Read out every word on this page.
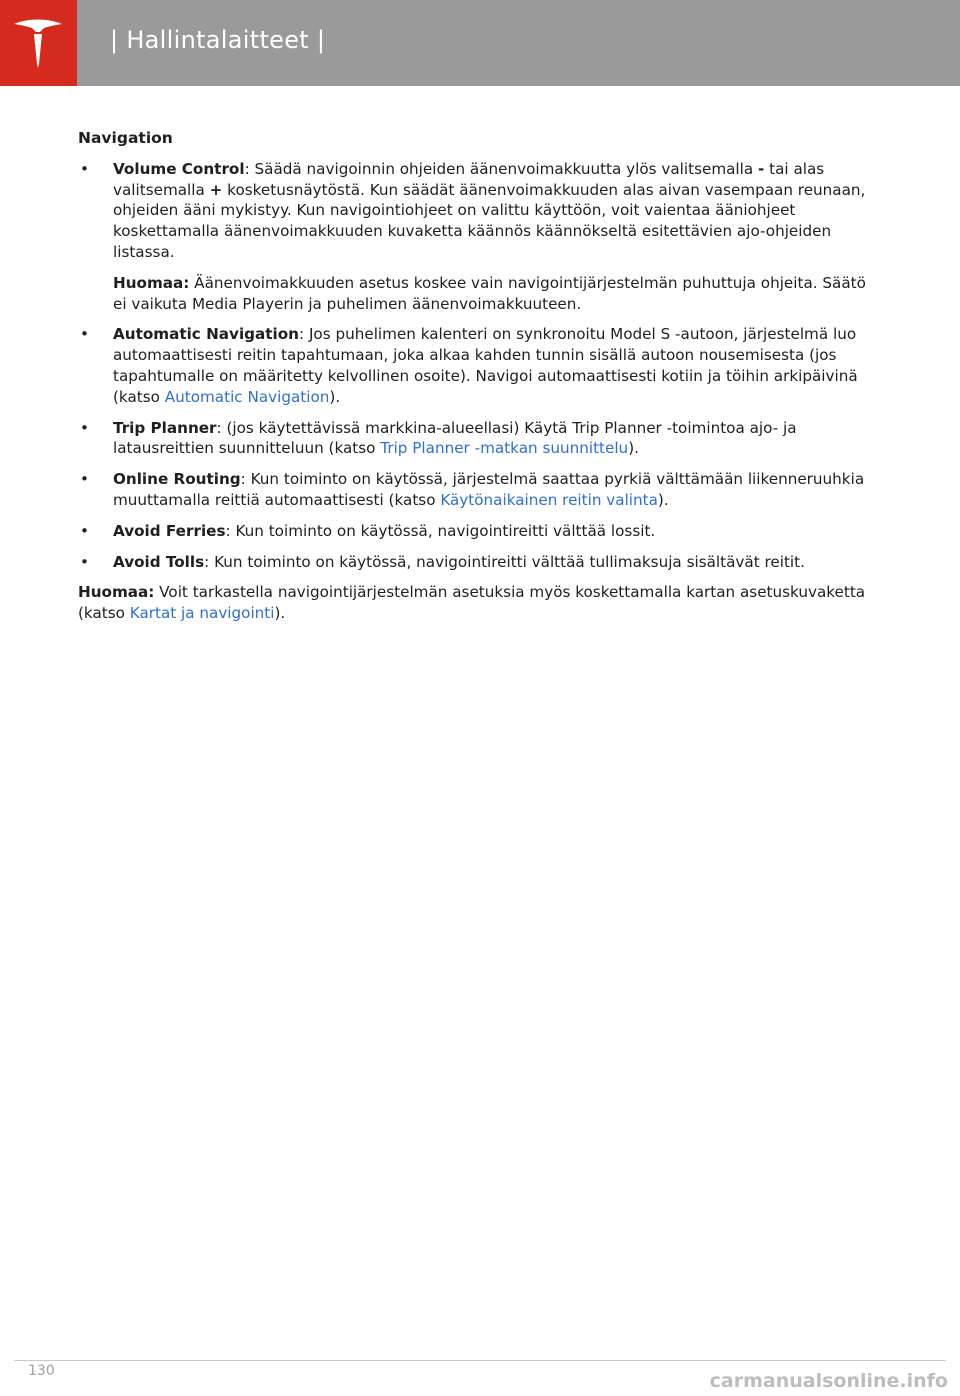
| Hallintalaitteet |
Navigation
• Volume Control: Säädä navigoinnin ohjeiden äänenvoimakkuutta ylös valitsemalla - tai alas valitsemalla + kosketusnäytöstä. Kun säädät äänenvoimakkuuden alas aivan vasempaan reunaan, ohjeiden ääni mykistyy. Kun navigointiohjeet on valittu käyttöön, voit vaientaa ääniohjeet koskettamalla äänenvoimakkuuden kuvaketta käännös käännökseltä esitettävien ajo-ohjeiden listassa.
Huomaa: Äänenvoimakkuuden asetus koskee vain navigointijärjestelmän puhuttuja ohjeita. Säätö ei vaikuta Media Playerin ja puhelimen äänenvoimakkuuteen.
• Automatic Navigation: Jos puhelimen kalenteri on synkronoitu Model S -autoon, järjestelmä luo automaattisesti reitin tapahtumaan, joka alkaa kahden tunnin sisällä autoon nousemisesta (jos tapahtumalle on määritetty kelvollinen osoite). Navigoi automaattisesti kotiin ja töihin arkipäivinä (katso Automatic Navigation).
• Trip Planner: (jos käytettävissä markkina-alueellasi) Käytä Trip Planner -toimintoa ajo- ja latausreittien suunnitteluun (katso Trip Planner -matkan suunnittelu).
• Online Routing: Kun toiminto on käytössä, järjestelmä saattaa pyrkiä välttämään liikenneruuhkia muuttamalla reittiä automaattisesti (katso Käytönaikainen reitin valinta).
• Avoid Ferries: Kun toiminto on käytössä, navigointireitti välttää lossit.
• Avoid Tolls: Kun toiminto on käytössä, navigointireitti välttää tullimaksuja sisältävät reitit.
Huomaa: Voit tarkastella navigointijärjestelmän asetuksia myös koskettamalla kartan asetuskuvaketta (katso Kartat ja navigointi).
130	carmanualsonline.info
